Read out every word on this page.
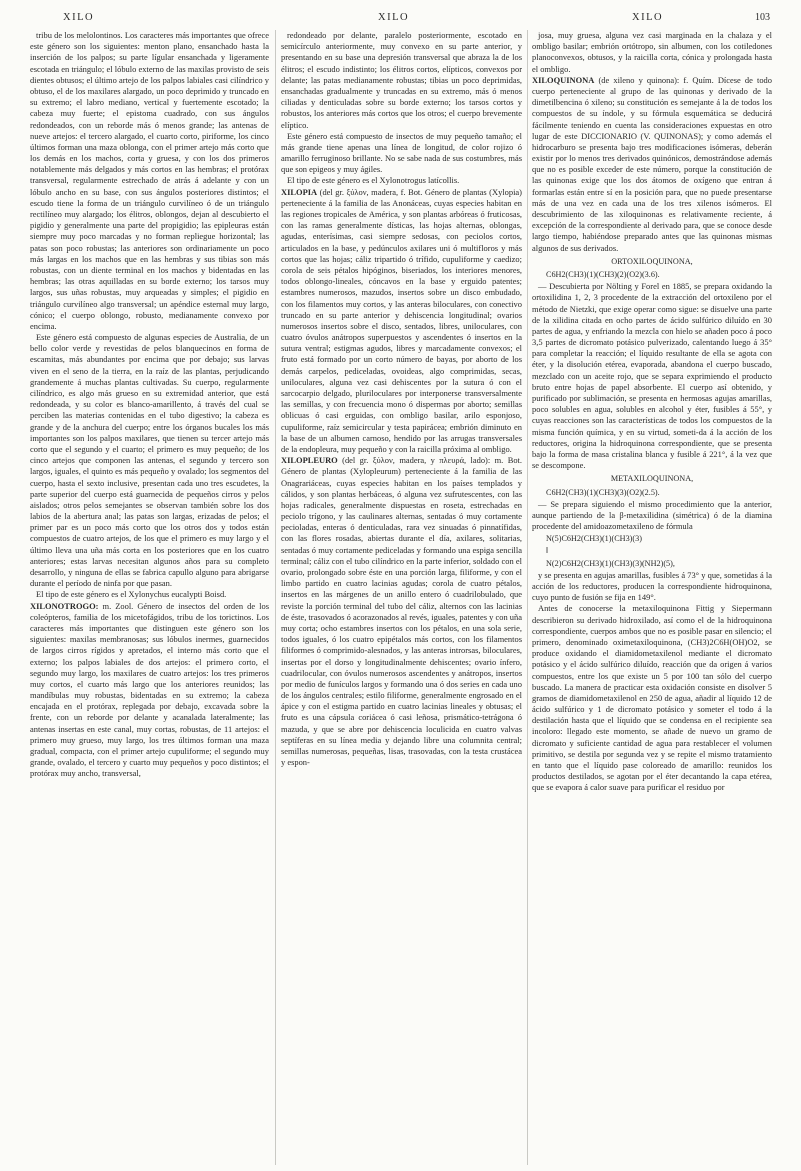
XILO	XILO	XILO	103

tribu de los melolontinos. Los caracteres más importantes que ofrece este género son los siguientes: menton plano, ensanchado hasta la inserción de los palpos; su parte lígular ensanchada y ligeramente escotada en triángulo; el lóbulo externo de las maxilas provisto de seis dientes obtusos; el último artejo de los palpos labiales casi cilíndrico y obtuso, el de los maxilares alargado, un poco deprimido y truncado en su extremo; el labro mediano, vertical y fuertemente escotado; la cabeza muy fuerte; el epistoma cuadrado, con sus ángulos redondeados, con un reborde más ó menos grande; las antenas de nueve artejos: el tercero alargado, el cuarto corto, piriforme, los cinco últimos forman una maza oblonga, con el primer artejo más corto que los demás en los machos, corta y gruesa, y con los dos primeros notablemente más delgados y más cortos en las hembras; el protórax transversal, regularmente estrechado de atrás á adelante y con un lóbulo ancho en su base, con sus ángulos posteriores distintos; el escudo tiene la forma de un triángulo curvilíneo ó de un triángulo rectilíneo muy alargado; los élitros, oblongos, dejan al descubierto el pigidio y generalmente una parte del propigidio; las epipleuras están siempre muy poco marcadas y no forman repliegue horizontal; las patas son poco robustas; las anteriores son ordinariamente un poco más largas en los machos que en las hembras y sus tibias son más robustas, con un diente terminal en los machos y bidentadas en las hembras; las otras aquilladas en su borde externo; los tarsos muy largos, sus uñas robustas, muy arqueadas y simples; el pigidio en triángulo curvilíneo algo transversal; un apéndice esternal muy largo, cónico; el cuerpo oblongo, robusto, medianamente convexo por encima.

Este género está compuesto de algunas especies de Australia, de un bello color verde y revestidas de pelos blanquecinos en forma de escamitas, más abundantes por encima que por debajo; sus larvas viven en el seno de la tierra, en la raíz de las plantas, perjudicando grandemente á muchas plantas cultivadas. Su cuerpo, regularmente cilíndrico, es algo más grueso en su extremidad anterior, que está redondeada, y su color es blanco-amarillento, á través del cual se perciben las materias contenidas en el tubo digestivo; la cabeza es grande y de la anchura del cuerpo; entre los órganos bucales los más importantes son los palpos maxilares, que tienen su tercer artejo más corto que el segundo y el cuarto; el primero es muy pequeño; de los cinco artejos que componen las antenas, el segundo y tercero son largos, iguales, el quinto es más pequeño y ovalado; los segmentos del cuerpo, hasta el sexto inclusive, presentan cada uno tres escudetes, la parte superior del cuerpo está guarnecida de pequeños cirros y pelos aislados; otros pelos semejantes se observan también sobre los dos labios de la abertura anal; las patas son largas, erizadas de pelos; el primer par es un poco más corto que los otros dos y todos están compuestos de cuatro artejos, de los que el primero es muy largo y el último lleva una uña más corta en los posteriores que en los cuatro anteriores; estas larvas necesitan algunos años para su completo desarrollo, y ninguna de ellas se fabrica capullo alguno para abrigarse durante el período de ninfa por que pasan.

El tipo de este género es el Xylonychus eucalypti Boisd.

XILONOTROGO: m. Zool. Género de insectos del orden de los coleópteros, familia de los micetofágidos, tribu de los torictinos. Los caracteres más importantes que distinguen este género son los siguientes: maxilas membranosas; sus lóbulos inermes, guarnecidos de largos cirros rígidos y apretados, el interno más corto que el externo; los palpos labiales de dos artejos: el primero corto, el segundo muy largo, los maxilares de cuatro artejos: los tres primeros muy cortos, el cuarto más largo que los anteriores reunidos; las mandíbulas muy robustas, bidentadas en su extremo; la cabeza encajada en el protórax, replegada por debajo, excavada sobre la frente, con un reborde por delante y acanalada lateralmente; las antenas insertas en este canal, muy cortas, robustas, de 11 artejos: el primero muy grueso, muy largo, los tres últimos forman una maza gradual, compacta, con el primer artejo cupuliforme; el segundo muy grande, ovalado, el tercero y cuarto muy pequeños y poco distintos; el protórax muy ancho, transversal,

redondeado por delante, paralelo posteriormente, escotado en semicírculo anteriormente, muy convexo en su parte anterior, y presentando en su base una depresión transversal que abraza la de los élitros; el escudo indistinto; los élitros cortos, elípticos, convexos por delante; las patas medianamente robustas; tibias un poco deprimidas, ensanchadas gradualmente y truncadas en su extremo, más ó menos ciliadas y denticuladas sobre su borde externo; los tarsos cortos y robustos, los anteriores más cortos que los otros; el cuerpo brevemente elíptico.

Este género está compuesto de insectos de muy pequeño tamaño; el más grande tiene apenas una línea de longitud, de color rojizo ó amarillo ferruginoso brillante. No se sabe nada de sus costumbres, más que son epigeos y muy ágiles.

El tipo de este género es el Xylonotrogus latícollis.

XILOPIA (del gr. ξύλον, madera, f. Bot. Género de plantas (Xylopia) perteneciente á la familia de las Anonáceas, cuyas especies habitan en las regiones tropicales de América, y son plantas arbóreas ó fruticosas, con las ramas generalmente dísticas, las hojas alternas, oblongas, agudas, enterísimas, casi siempre sedosas, con peciolos cortos, articulados en la base, y pedúnculos axilares uni ó multifloros y más cortos que las hojas; cáliz tripartido ó trífido, cupuliforme y caedizo; corola de seis pétalos hipóginos, biseriados, los interiores menores, todos oblongo-lineales, cóncavos en la base y erguido patentes; estambres numerosos, mazudos, insertos sobre un disco embudado, con los filamentos muy cortos, y las anteras biloculares, con conectivo truncado en su parte anterior y dehiscencia longitudinal; ovarios numerosos insertos sobre el disco, sentados, libres, uniloculares, con cuatro óvulos anátropos superpuestos y ascendentes ó insertos en la sutura ventral; estigmas agudos, libres y marcadamente convexos; el fruto está formado por un corto número de bayas, por aborto de los demás carpelos, pediceladas, ovoideas, algo comprimidas, secas, uniloculares, alguna vez casi dehiscentes por la sutura ó con el sarcocarpio delgado, pluriloculares por interponerse transversalmente las semillas, y con frecuencia mono ó dispermas por aborto; semillas oblicuas ó casi erguidas, con ombligo basilar, arilo esponjoso, cupuliforme, raíz semicircular y testa papirácea; embrión diminuto en la base de un albumen carnoso, hendido por las arrugas transversales de la endopleura, muy pequeño y con la raicilla próxima al ombligo.

XILOPLEURO (del gr. ξύλον, madera, y πλευρά, lado): m. Bot. Género de plantas (Xylopleurum) perteneciente á la familia de las Onagrariáceas, cuyas especies habitan en los países templados y cálidos, y son plantas herbáceas, ó alguna vez sufrutescentes, con las hojas radicales, generalmente dispuestas en roseta, estrechadas en peciolo trígono, y las caulinares alternas, sentadas ó muy cortamente pecioladas, enteras ó denticuladas, rara vez sinuadas ó pinnatífidas, con las flores rosadas, abiertas durante el día, axilares, solitarias, sentadas ó muy cortamente pediceladas y formando una espiga sencilla terminal; cáliz con el tubo cilíndrico en la parte inferior, soldado con el ovario, prolongado sobre éste en una porción larga, filiforme, y con el limbo partido en cuatro lacinias agudas; corola de cuatro pétalos, insertos en las márgenes de un anillo entero ó cuadrilobulado, que reviste la porción terminal del tubo del cáliz, alternos con las lacinias de éste, trasovados ó acorazonados al revés, iguales, patentes y con uña muy corta; ocho estambres insertos con los pétalos, en una sola serie, todos iguales, ó los cuatro epipétalos más cortos, con los filamentos filiformes ó comprimido-alesnados, y las anteras introrsas, biloculares, insertas por el dorso y longitudinalmente dehiscentes; ovario ínfero, cuadrilocular, con óvulos numerosos ascendentes y anátropos, insertos por medio de funículos largos y formando una ó dos series en cada uno de los ángulos centrales; estilo filiforme, generalmente engrosado en el ápice y con el estigma partido en cuatro lacinias lineales y obtusas; el fruto es una cápsula coriácea ó casi leñosa, prismático-tetrágona ó mazuda, y que se abre por dehiscencia loculicida en cuatro valvas septíferas en su línea media y dejando libre una columnita central; semillas numerosas, pequeñas, lisas, trasovadas, con la testa crustácea y espon-

josa, muy gruesa, alguna vez casi marginada en la chalaza y el ombligo basilar; embrión ortótropo, sin albumen, con los cotiledones planoconvexos, obtusos, y la raicilla corta, cónica y prolongada hasta el ombligo.

XILOQUINONA (de xileno y quinona): f. Quím. Dícese de todo cuerpo perteneciente al grupo de las quinonas y derivado de la dimetilbencina ó xileno; su constitución es semejante á la de todos los compuestos de su índole, y su fórmula esquemática se deducirá fácilmente teniendo en cuenta las consideraciones expuestas en otro lugar de este DICCIONARIO (V. QUINONAS); y como además el hidrocarburo se presenta bajo tres modificaciones isómeras, deberán existir por lo menos tres derivados quinónicos, demostrándose además que no es posible exceder de este número, porque la constitución de las quinonas exige que los dos átomos de oxígeno que entran á formarlas están entre sí en la posición para, que no puede presentarse más de una vez en cada una de los tres xilenos isómeros. El descubrimiento de las xiloquinonas es relativamente reciente, á excepción de la correspondiente al derivado para, que se conoce desde largo tiempo, habiéndose preparado antes que las quinonas mismas algunos de sus derivados.

ORTOXILOQUINONA,

C6H2(CH3)(1)(CH3)(2)(O2)(3.6).

— Descubierta por Nölting y Forel en 1885, se prepara oxidando la ortoxilidina 1, 2, 3 procedente de la extracción del ortoxileno por el método de Nietzki, que exige operar como sigue: se disuelve una parte de la xilidina citada en ocho partes de ácido sulfúrico diluído en 30 partes de agua, y enfriando la mezcla con hielo se añaden poco á poco 3,5 partes de dicromato potásico pulverizado, calentando luego á 35° para completar la reacción; el líquido resultante de ella se agota con éter, y la disolución etérea, evaporada, abandona el cuerpo buscado, mezclado con un aceite rojo, que se separa exprimiendo el producto bruto entre hojas de papel absorbente. El cuerpo así obtenido, y purificado por sublimación, se presenta en hermosas agujas amarillas, poco solubles en agua, solubles en alcohol y éter, fusibles á 55°, y cuyas reacciones son las características de todos los compuestos de la misma función química, y en su virtud, someti-da á la acción de los reductores, origina la hidroquinona correspondiente, que se presenta bajo la forma de masa cristalina blanca y fusible á 221°, á la vez que se descompone.

METAXILOQUINONA,

C6H2(CH3)(1)(CH3)(3)(O2)(2.5).

— Se prepara siguiendo el mismo procedimiento que la anterior, aunque partiendo de la β-metaxilidina (simétrica) ó de la diamina procedente del amidoazometaxileno de fórmula

N(5)C6H2(CH3)(1)(CH3)(3)

‖

N(2)C6H2(CH3)(1)(CH3)(3)(NH2)(5),

y se presenta en agujas amarillas, fusibles á 73° y que, sometidas á la acción de los reductores, producen la correspondiente hidroquinona, cuyo punto de fusión se fija en 149°.

Antes de conocerse la metaxiloquinona Fittig y Siepermann describieron su derivado hidroxilado, así como el de la hidroquinona correspondiente, cuerpos ambos que no es posible pasar en silencio; el primero, denominado oximetaxiloquinona, (CH3)2C6H(OH)O2, se produce oxidando el diamidometaxilenol mediante el dicromato potásico y el ácido sulfúrico diluído, reacción que da origen á varios compuestos, entre los que existe un 5 por 100 tan sólo del cuerpo buscado. La manera de practicar esta oxidación consiste en disolver 5 gramos de diamidometaxilenol en 250 de agua, añadir al líquido 12 de ácido sulfúrico y 1 de dicromato potásico y someter el todo á la destilación hasta que el líquido que se condensa en el recipiente sea incoloro: llegado este momento, se añade de nuevo un gramo de dicromato y suficiente cantidad de agua para restablecer el volumen primitivo, se destila por segunda vez y se repite el mismo tratamiento en tanto que el líquido pase coloreado de amarillo: reunidos los productos destilados, se agotan por el éter decantando la capa etérea, que se evapora á calor suave para purificar el residuo por
